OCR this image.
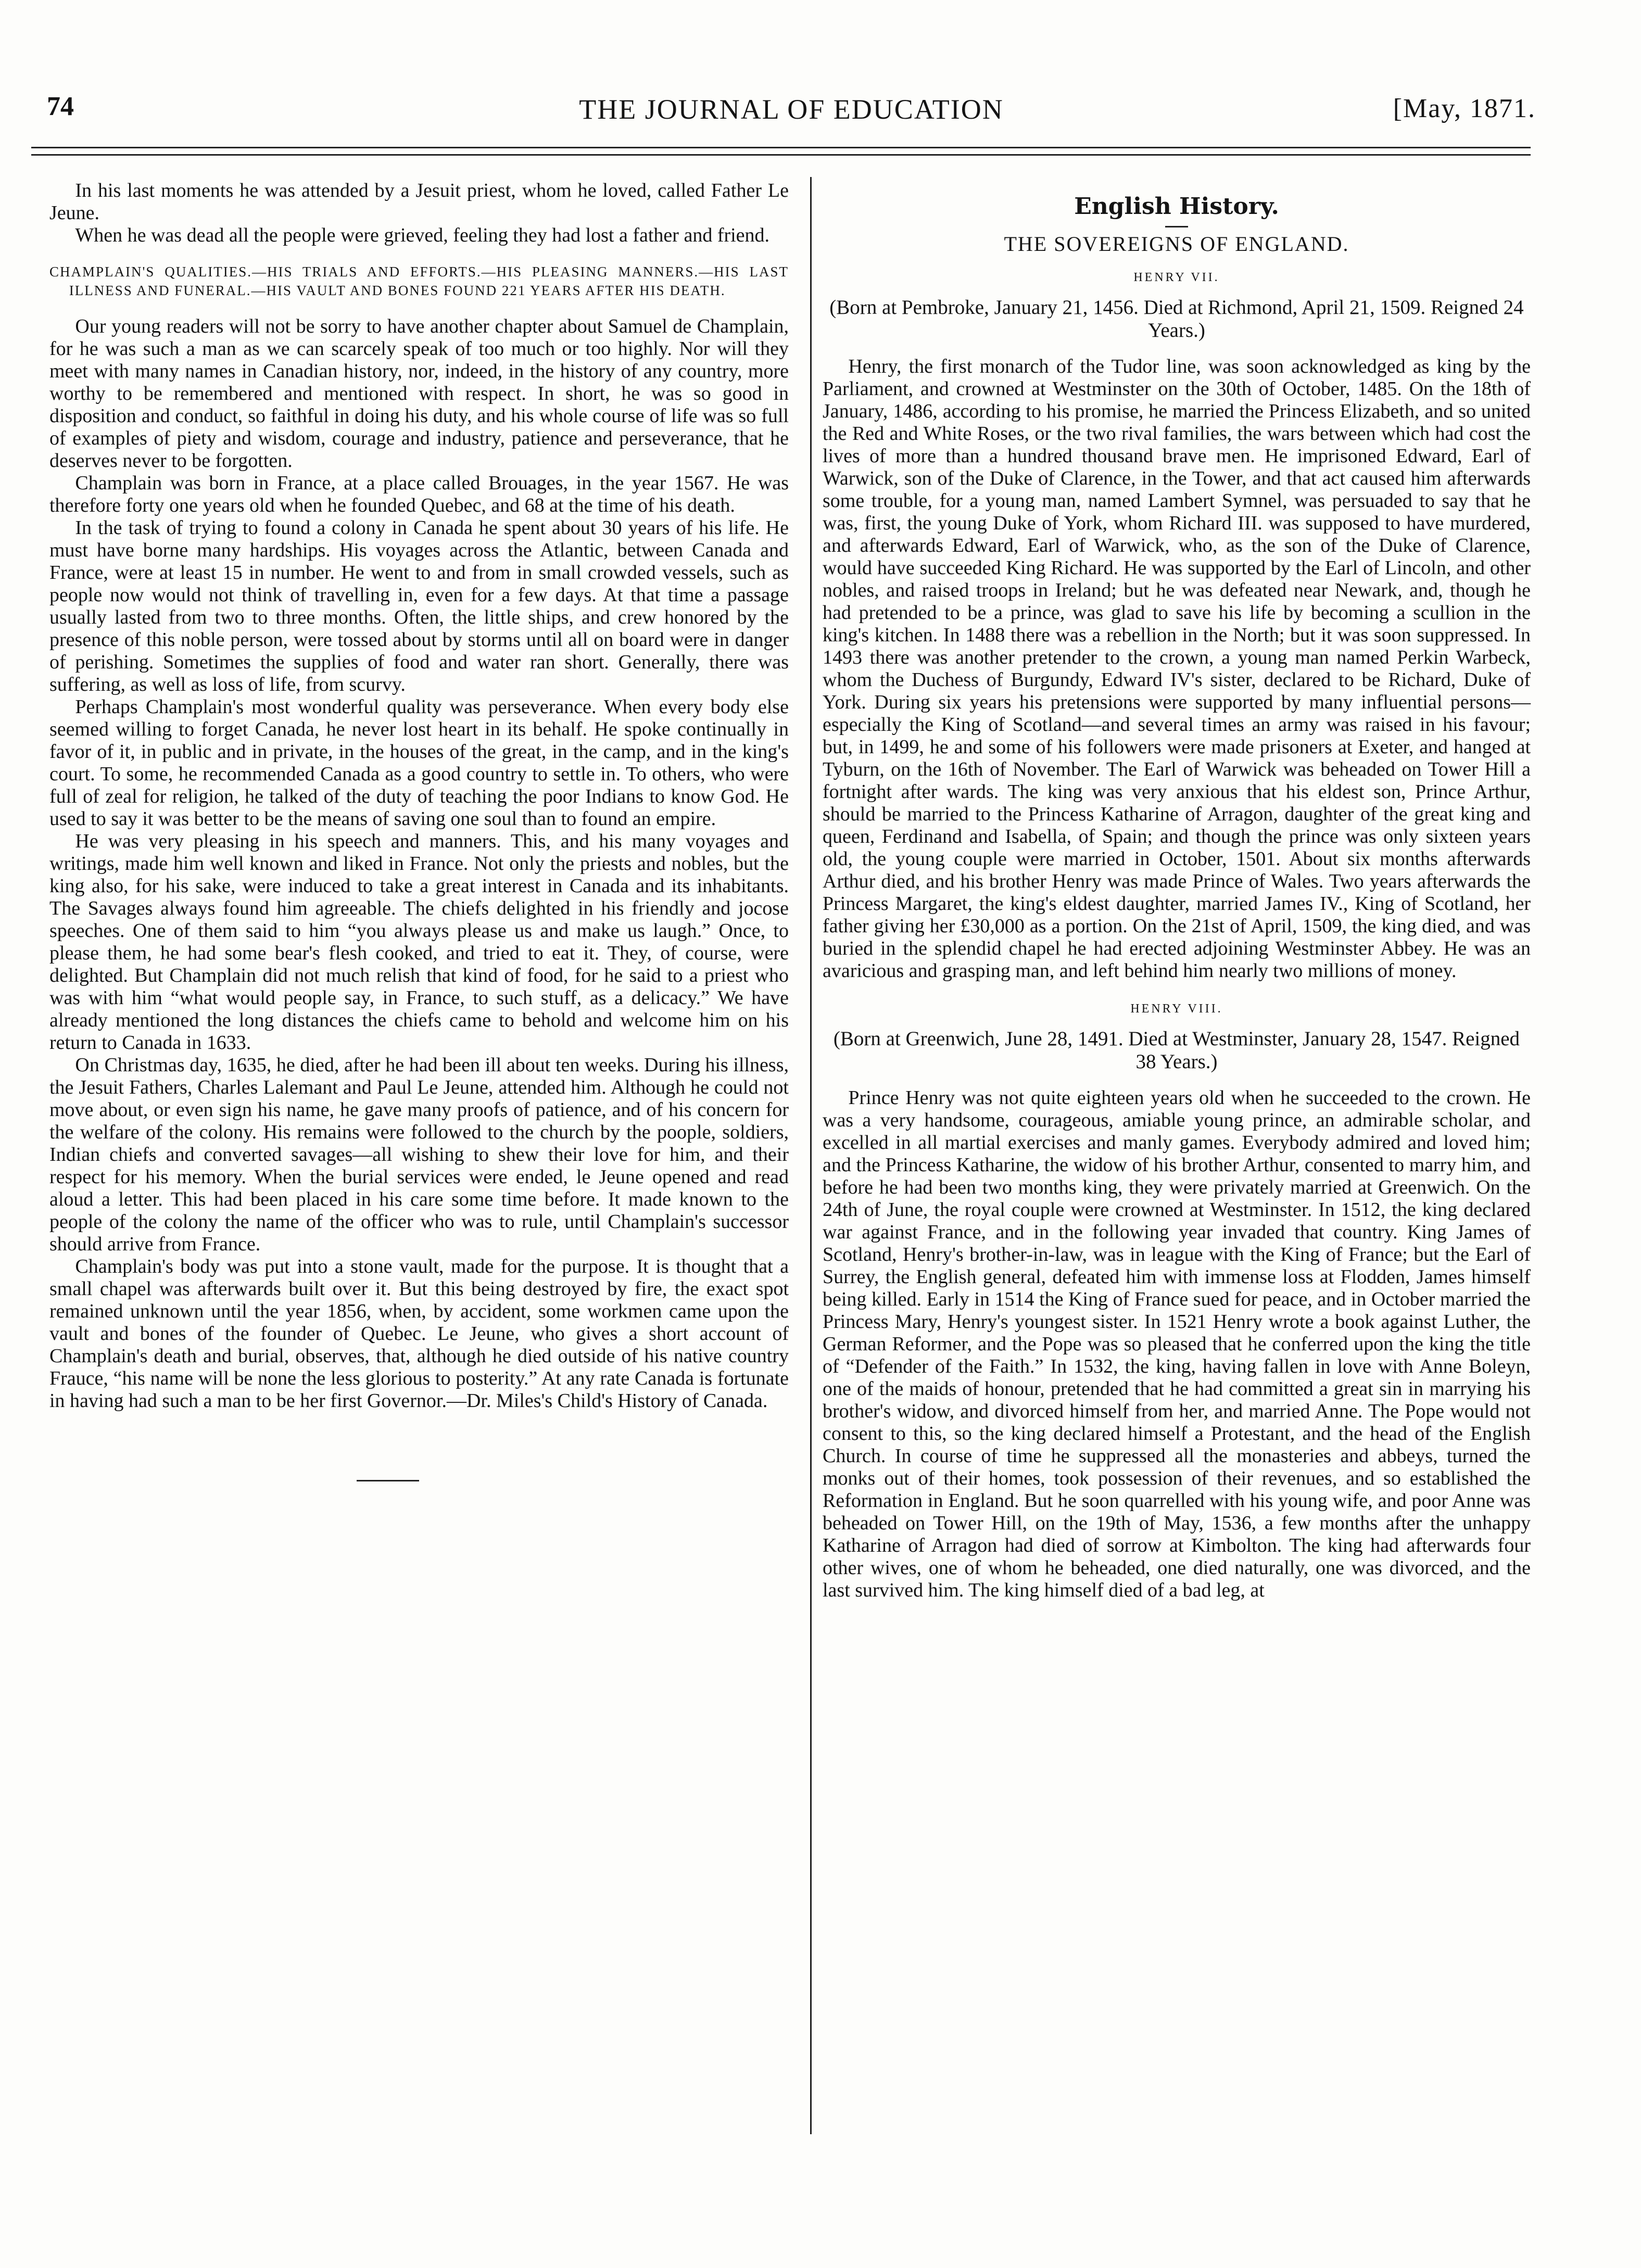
74	THE JOURNAL OF EDUCATION	[May, 1871.

In his last moments he was attended by a Jesuit priest, whom he loved, called Father Le Jeune.

When he was dead all the people were grieved, feeling they had lost a father and friend.

CHAMPLAIN'S QUALITIES.—HIS TRIALS AND EFFORTS.—HIS PLEASING MANNERS.—HIS LAST ILLNESS AND FUNERAL.—HIS VAULT AND BONES FOUND 221 YEARS AFTER HIS DEATH.

Our young readers will not be sorry to have another chapter about Samuel de Champlain, for he was such a man as we can scarcely speak of too much or too highly. Nor will they meet with many names in Canadian history, nor, indeed, in the history of any country, more worthy to be remembered and mentioned with respect. In short, he was so good in disposition and conduct, so faithful in doing his duty, and his whole course of life was so full of examples of piety and wisdom, courage and industry, patience and perseverance, that he deserves never to be forgotten.

Champlain was born in France, at a place called Brouages, in the year 1567. He was therefore forty one years old when he founded Quebec, and 68 at the time of his death.

In the task of trying to found a colony in Canada he spent about 30 years of his life. He must have borne many hardships. His voyages across the Atlantic, between Canada and France, were at least 15 in number. He went to and from in small crowded vessels, such as people now would not think of travelling in, even for a few days. At that time a passage usually lasted from two to three months. Often, the little ships, and crew honored by the presence of this noble person, were tossed about by storms until all on board were in danger of perishing. Sometimes the supplies of food and water ran short. Generally, there was suffering, as well as loss of life, from scurvy.

Perhaps Champlain's most wonderful quality was perseverance. When every body else seemed willing to forget Canada, he never lost heart in its behalf. He spoke continually in favor of it, in public and in private, in the houses of the great, in the camp, and in the king's court. To some, he recommended Canada as a good country to settle in. To others, who were full of zeal for religion, he talked of the duty of teaching the poor Indians to know God. He used to say it was better to be the means of saving one soul than to found an empire.

He was very pleasing in his speech and manners. This, and his many voyages and writings, made him well known and liked in France. Not only the priests and nobles, but the king also, for his sake, were induced to take a great interest in Canada and its inhabitants. The Savages always found him agreeable. The chiefs delighted in his friendly and jocose speeches. One of them said to him “you always please us and make us laugh.” Once, to please them, he had some bear's flesh cooked, and tried to eat it. They, of course, were delighted. But Champlain did not much relish that kind of food, for he said to a priest who was with him “what would people say, in France, to such stuff, as a delicacy.” We have already mentioned the long distances the chiefs came to behold and welcome him on his return to Canada in 1633.

On Christmas day, 1635, he died, after he had been ill about ten weeks. During his illness, the Jesuit Fathers, Charles Lalemant and Paul Le Jeune, attended him. Although he could not move about, or even sign his name, he gave many proofs of patience, and of his concern for the welfare of the colony. His remains were followed to the church by the poople, soldiers, Indian chiefs and converted savages—all wishing to shew their love for him, and their respect for his memory. When the burial services were ended, le Jeune opened and read aloud a letter. This had been placed in his care some time before. It made known to the people of the colony the name of the officer who was to rule, until Champlain's successor should arrive from France.

Champlain's body was put into a stone vault, made for the purpose. It is thought that a small chapel was afterwards built over it. But this being destroyed by fire, the exact spot remained unknown until the year 1856, when, by accident, some workmen came upon the vault and bones of the founder of Quebec. Le Jeune, who gives a short account of Champlain's death and burial, observes, that, although he died outside of his native country Frauce, “his name will be none the less glorious to posterity.” At any rate Canada is fortunate in having had such a man to be her first Governor.—Dr. Miles's Child's History of Canada.

English History.
THE SOVEREIGNS OF ENGLAND.
HENRY VII.
(Born at Pembroke, January 21, 1456. Died at Richmond, April 21, 1509. Reigned 24 Years.)

Henry, the first monarch of the Tudor line, was soon acknowledged as king by the Parliament, and crowned at Westminster on the 30th of October, 1485. On the 18th of January, 1486, according to his promise, he married the Princess Elizabeth, and so united the Red and White Roses, or the two rival families, the wars between which had cost the lives of more than a hundred thousand brave men. He imprisoned Edward, Earl of Warwick, son of the Duke of Clarence, in the Tower, and that act caused him afterwards some trouble, for a young man, named Lambert Symnel, was persuaded to say that he was, first, the young Duke of York, whom Richard III. was supposed to have murdered, and afterwards Edward, Earl of Warwick, who, as the son of the Duke of Clarence, would have succeeded King Richard. He was supported by the Earl of Lincoln, and other nobles, and raised troops in Ireland; but he was defeated near Newark, and, though he had pretended to be a prince, was glad to save his life by becoming a scullion in the king's kitchen. In 1488 there was a rebellion in the North; but it was soon suppressed. In 1493 there was another pretender to the crown, a young man named Perkin Warbeck, whom the Duchess of Burgundy, Edward IV's sister, declared to be Richard, Duke of York. During six years his pretensions were supported by many influential persons—especially the King of Scotland—and several times an army was raised in his favour; but, in 1499, he and some of his followers were made prisoners at Exeter, and hanged at Tyburn, on the 16th of November. The Earl of Warwick was beheaded on Tower Hill a fortnight after wards. The king was very anxious that his eldest son, Prince Arthur, should be married to the Princess Katharine of Arragon, daughter of the great king and queen, Ferdinand and Isabella, of Spain; and though the prince was only sixteen years old, the young couple were married in October, 1501. About six months afterwards Arthur died, and his brother Henry was made Prince of Wales. Two years afterwards the Princess Margaret, the king's eldest daughter, married James IV., King of Scotland, her father giving her £30,000 as a portion. On the 21st of April, 1509, the king died, and was buried in the splendid chapel he had erected adjoining Westminster Abbey. He was an avaricious and grasping man, and left behind him nearly two millions of money.

HENRY VIII.
(Born at Greenwich, June 28, 1491. Died at Westminster, January 28, 1547. Reigned 38 Years.)

Prince Henry was not quite eighteen years old when he succeeded to the crown. He was a very handsome, courageous, amiable young prince, an admirable scholar, and excelled in all martial exercises and manly games. Everybody admired and loved him; and the Princess Katharine, the widow of his brother Arthur, consented to marry him, and before he had been two months king, they were privately married at Greenwich. On the 24th of June, the royal couple were crowned at Westminster. In 1512, the king declared war against France, and in the following year invaded that country. King James of Scotland, Henry's brother-in-law, was in league with the King of France; but the Earl of Surrey, the English general, defeated him with immense loss at Flodden, James himself being killed. Early in 1514 the King of France sued for peace, and in October married the Princess Mary, Henry's youngest sister. In 1521 Henry wrote a book against Luther, the German Reformer, and the Pope was so pleased that he conferred upon the king the title of “Defender of the Faith.” In 1532, the king, having fallen in love with Anne Boleyn, one of the maids of honour, pretended that he had committed a great sin in marrying his brother's widow, and divorced himself from her, and married Anne. The Pope would not consent to this, so the king declared himself a Protestant, and the head of the English Church. In course of time he suppressed all the monasteries and abbeys, turned the monks out of their homes, took possession of their revenues, and so established the Reformation in England. But he soon quarrelled with his young wife, and poor Anne was beheaded on Tower Hill, on the 19th of May, 1536, a few months after the unhappy Katharine of Arragon had died of sorrow at Kimbolton. The king had afterwards four other wives, one of whom he beheaded, one died naturally, one was divorced, and the last survived him. The king himself died of a bad leg, at
